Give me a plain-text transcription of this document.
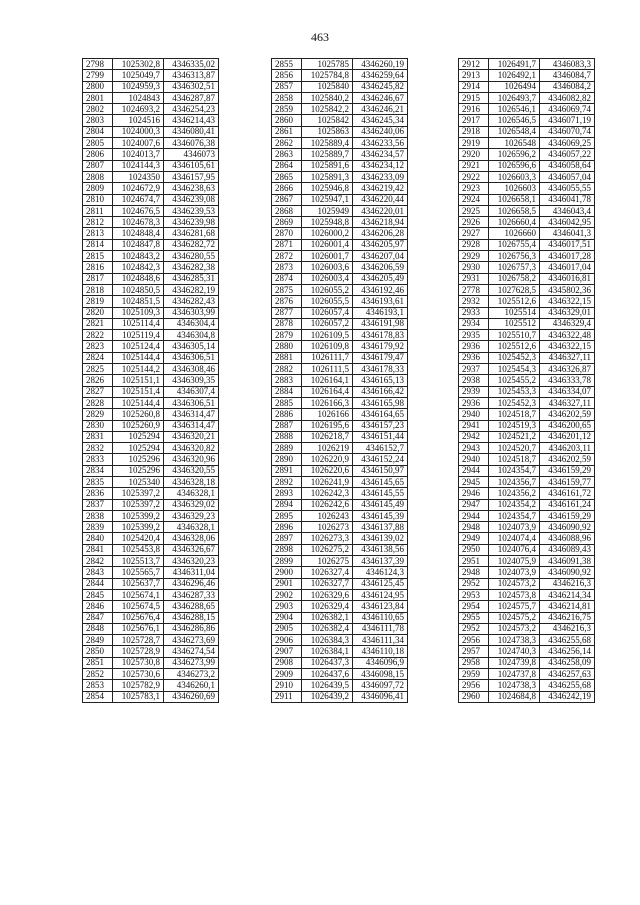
463
2798	1025302,8	4346335,02
2799	1025049,7	4346313,87
2800	1024959,3	4346302,51
2801	102484З	4346287,87
2802	1024693,2	4346254,23
2803	1024516	4346214,43
2804	1024000,3	4346080,41
2805	1024007,6	4346076,38
2806	1024013,7	4346073
2807	1024144,3	4346105,61
2808	1024350	4346157,95
2809	1024672,9	4346238,63
2810	1024674,7	4346239,08
2811	1024676,5	4346239,53
2812	1024678,3	4346239,98
2813	1024848,4	4346281,68
2814	1024847,8	4346282,72
2815	1024843,2	4346280,55
2816	1024842,3	4346282,38
2817	1024848,6	4346285,31
2818	1024850,5	4346282,19
2819	1024851,5	4346282,43
2820	1025109,3	4346303,99
2821	1025114,4	4346304,4
2822	1025119,4	4346304,8
2823	1025124,4	4346305,14
2824	1025144,4	4346306,51
2825	1025144,2	4346308,46
2826	1025151,1	4346309,35
2827	1025151,4	4346307,4
2828	1025144,4	4346306,51
2829	1025260,8	4346314,47
2830	1025260,9	4346314,47
2831	1025294	4346320,21
2832	1025294	4346320,82
2833	1025296	4346320,96
2834	1025296	4346320,55
2835	1025340	4346328,18
2836	1025397,2	4346328,1
2837	1025397,2	4346329,02
2838	1025399,2	4346329,23
2839	1025399,2	4346328,1
2840	1025420,4	4346328,06
2841	1025453,8	4346326,67
2842	1025513,7	4346320,23
2843	1025565,7	4346311,04
2844	1025637,7	4346296,46
2845	1025674,1	4346287,33
2846	1025674,5	4346288,65
2847	1025676,4	4346288,15
2848	1025676,1	4346286,86
2849	1025728,7	4346273,69
2850	1025728,9	4346274,54
2851	1025730,8	4346273,99
2852	1025730,6	4346273,2
2853	1025782,9	4346260,1
2854	1025783,1	4346260,69
2855	1025785	4346260,19
2856	1025784,8	4346259,64
2857	1025840	4346245,82
2858	1025840,2	4346246,67
2859	1025842,2	4346246,21
2860	1025842	4346245,34
2861	1025863	4346240,06
2862	1025889,4	4346233,56
2863	1025889,7	4346234,57
2864	1025891,6	4346234,12
2865	1025891,3	4346233,09
2866	1025946,8	4346219,42
2867	1025947,1	4346220,44
2868	1025949	4346220,01
2869	1025948,8	4346218,94
2870	1026000,2	4346206,28
2871	1026001,4	4346205,97
2872	1026001,7	4346207,04
2873	1026003,6	4346206,59
2874	1026003,4	4346205,49
2875	1026055,2	4346192,46
2876	1026055,5	4346193,61
2877	1026057,4	4346193,1
2878	1026057,2	4346191,98
2879	1026109,5	4346178,83
2880	1026109,8	4346179,92
2881	1026111,7	4346179,47
2882	1026111,5	4346178,33
2883	1026164,1	4346165,13
2884	1026164,4	4346166,42
2885	1026166,3	4346165,98
2886	1026166	4346164,65
2887	1026195,6	4346157,23
2888	1026218,7	4346151,44
2889	1026219	4346152,7
2890	1026220,9	4346152,24
2891	1026220,6	4346150,97
2892	1026241,9	4346145,65
2893	1026242,3	4346145,55
2894	1026242,6	4346145,49
2895	1026243	4346145,39
2896	1026273	4346137,88
2897	1026273,3	4346139,02
2898	1026275,2	4346138,56
2899	1026275	4346137,39
2900	1026327,4	4346124,3
2901	1026327,7	4346125,45
2902	1026329,6	4346124,95
2903	1026329,4	4346123,84
2904	1026382,1	4346110,65
2905	1026382,4	4346111,78
2906	1026384,3	4346111,34
2907	1026384,1	4346110,18
2908	1026437,3	4346096,9
2909	1026437,6	4346098,15
2910	1026439,5	4346097,72
2911	1026439,2	4346096,41
2912	1026491,7	4346083,3
2913	1026492,1	4346084,7
2914	1026494	4346084,2
2915	1026493,7	4346082,82
2916	1026546,1	4346069,74
2917	1026546,5	4346071,19
2918	1026548,4	4346070,74
2919	1026548	4346069,25
2920	1026596,2	4346057,22
2921	1026596,6	4346058,64
2922	1026603,3	4346057,04
2923	1026603	4346055,55
2924	1026658,1	4346041,78
2925	1026658,5	4346043,4
2926	1026660,4	4346042,95
2927	1026660	4346041,3
2928	1026755,4	4346017,51
2929	1026756,3	4346017,28
2930	1026757,3	4346017,04
2931	1026758,2	4346016,81
2778	1027628,5	4345802,36
2932	1025512,6	4346322,15
2933	1025514	4346329,01
2934	1025512	4346329,4
2935	1025510,7	4346322,48
2936	1025512,6	4346322,15
2936	1025452,3	4346327,11
2937	1025454,3	4346326,87
2938	1025455,2	4346333,78
2939	1025453,3	4346334,07
2936	1025452,3	4346327,11
2940	1024518,7	4346202,59
2941	1024519,3	4346200,65
2942	1024521,2	4346201,12
2943	1024520,7	4346203,11
2940	1024518,7	4346202,59
2944	1024354,7	4346159,29
2945	1024356,7	4346159,77
2946	1024356,2	4346161,72
2947	1024354,2	4346161,24
2944	1024354,7	4346159,29
2948	1024073,9	4346090,92
2949	1024074,4	4346088,96
2950	1024076,4	4346089,43
2951	1024075,9	4346091,38
2948	1024073,9	4346090,92
2952	1024573,2	4346216,3
2953	1024573,8	4346214,34
2954	1024575,7	4346214,81
2955	1024575,2	4346216,75
2952	1024573,2	4346216,3
2956	1024738,3	4346255,68
2957	1024740,3	4346256,14
2958	1024739,8	4346258,09
2959	1024737,8	4346257,63
2956	1024738,3	4346255,68
2960	1024684,8	4346242,19
